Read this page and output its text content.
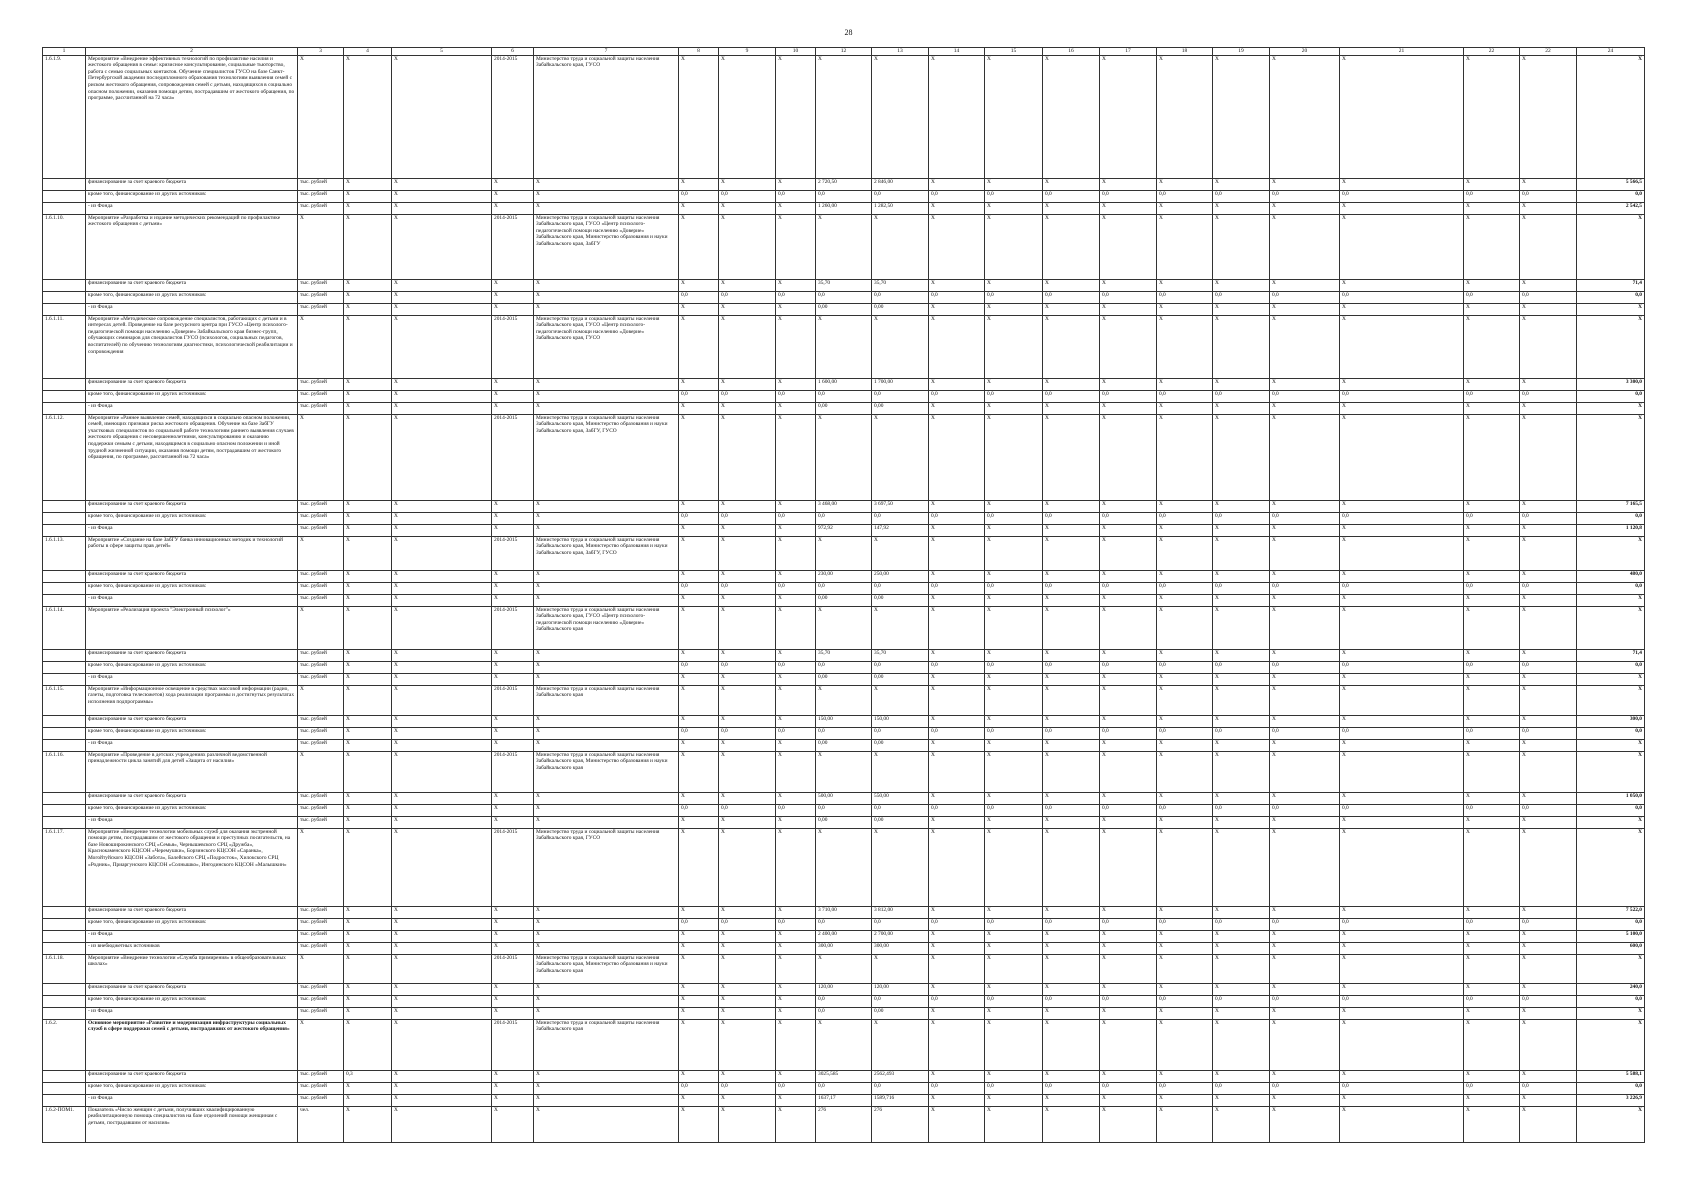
28
1	2	3	4	5	6	7	8	9	10	12	13	14	15	16	17	18	19	20	21	22	22	24
1.6.1.9.	Мероприятие «Внедрение эффективных технологий по профилактике насилия и жестокого обращения в семье: кризисное консультирование, социальные тьюторство, работа с семью социальных контактов. Обучение специалистов ГУСО на базе Санкт-Петербургской академии последипломного образования технологиям выявления семей с риском жестокого обращения, сопровождения семей с детьми, находящихся в социально опасном положении, оказания помощи детям, пострадавшим от жестокого обращения, по программе, рассчитанной на 72 часа»	X	X	X	2014-2015	Министерство труда и социальной защиты населения Забайкальского края, ГУСО	X	X	X	X	X	X	X	X	X	X	X	X	X	X	X	X
	финансирование за счет краевого бюджета	тыс. рублей	X	X	X	X	X	X	X	2 720,50	2 846,00	X	X	X	X	X	X	X	X	X	X	5 566,5
	кроме того, финансирование из других источников:	тыс. рублей	X	X	X	X	0,0	0,0	0,0	0,0	0,0	0,0	0,0	0,0	0,0	0,0	0,0	0,0	0,0	0,0	0,0	0,0
	- из Фонда	тыс. рублей	X	X	X	X	X	X	X	1 260,00	1 282,50	X	X	X	X	X	X	X	X	X	X	2 542,5
1.6.1.10.	Мероприятие «Разработка и издание методических рекомендаций по профилактике жестокого обращения с детьми»	X	X	X	2014-2015	Министерство труда и социальной защиты населения Забайкальского края, ГУСО «Центр психолого-педагогической помощи населению «Доверие» Забайкальского края, Министерство образования и науки Забайкальского края, ЗабГУ	X	X	X	X	X	X	X	X	X	X	X	X	X	X	X	X
	финансирование за счет краевого бюджета	тыс. рублей	X	X	X	X	X	X	X	35,70	35,70	X	X	X	X	X	X	X	X	X	X	71,4
	кроме того, финансирование из других источников:	тыс. рублей	X	X	X	X	0,0	0,0	0,0	0,0	0,0	0,0	0,0	0,0	0,0	0,0	0,0	0,0	0,0	0,0	0,0	0,0
	- из Фонда	тыс. рублей	X	X	X	X	X	X	X	0,00	0,00	X	X	X	X	X	X	X	X	X	X	X
1.6.1.11.	Мероприятие «Методическое сопровождение специалистов, работающих с детьми и в интересах детей. Проведение на базе ресурсного центра при ГУСО «Центр психолого-педагогической помощи населению «Доверие» Забайкальского края бизнес-групп, обучающих семинаров для специалистов ГУСО (психологов, социальных педагогов, воспитателей) по обучению технологиям диагностики, психологической реабилитации и сопровождения	X	X	X	2014-2015	Министерство труда и социальной защиты населения Забайкальского края, ГУСО «Центр психолого-педагогической помощи населению «Доверие» Забайкальского края, ГУСО	X	X	X	X	X	X	X	X	X	X	X	X	X	X	X	X
	финансирование за счет краевого бюджета	тыс. рублей	X	X	X	X	X	X	X	1 600,00	1 700,00	X	X	X	X	X	X	X	X	X	X	3 300,0
	кроме того, финансирование из других источников:	тыс. рублей	X	X	X	X	0,0	0,0	0,0	0,0	0,0	0,0	0,0	0,0	0,0	0,0	0,0	0,0	0,0	0,0	0,0	0,0
	- из Фонда	тыс. рублей	X	X	X	X	X	X	X	0,00	0,00	X	X	X	X	X	X	X	X	X	X	X
1.6.1.12.	Мероприятие «Раннее выявление семей, находящихся в социально опасном положении, семей, имеющих признаки риска жестокого обращения. Обучение на базе ЗабГУ участковых специалистов по социальной работе технологиям раннего выявления случаев жестокого обращения с несовершеннолетними, консультированию и оказанию поддержки семьям с детьми, находящимся в социально опасном положении и иной трудной жизненной ситуации, оказания помощи детям, пострадавшим от жестокого обращения, по программе, рассчитанной на 72 часа»	X	X	X	2014-2015	Министерство труда и социальной защиты населения Забайкальского края, Министерство образования и науки Забайкальского края, ЗабГУ, ГУСО	X	X	X	X	X	X	X	X	X	X	X	X	X	X	X	X
	финансирование за счет краевого бюджета	тыс. рублей	X	X	X	X	X	X	X	3 468,00	3 697,50	X	X	X	X	X	X	X	X	X	X	7 165,5
	кроме того, финансирование из других источников:	тыс. рублей	X	X	X	X	0,0	0,0	0,0	0,0	0,0	0,0	0,0	0,0	0,0	0,0	0,0	0,0	0,0	0,0	0,0	0,0
	- из Фонда	тыс. рублей	X	X	X	X	X	X	X	972,92	147,92	X	X	X	X	X	X	X	X	X	X	1 120,8
1.6.1.13.	Мероприятие «Создание на базе ЗабГУ банка инновационных методик и технологий работы в сфере защиты прав детей»	X	X	X	2014-2015	Министерство труда и социальной защиты населения Забайкальского края, Министерство образования и науки Забайкальского края, ЗабГУ, ГУСО	X	X	X	X	X	X	X	X	X	X	X	X	X	X	X	X
	финансирование за счет краевого бюджета	тыс. рублей	X	X	X	X	X	X	X	230,00	250,00	X	X	X	X	X	X	X	X	X	X	480,0
	кроме того, финансирование из других источников:	тыс. рублей	X	X	X	X	0,0	0,0	0,0	0,0	0,0	0,0	0,0	0,0	0,0	0,0	0,0	0,0	0,0	0,0	0,0	0,0
	- из Фонда	тыс. рублей	X	X	X	X	X	X	X	0,00	0,00	X	X	X	X	X	X	X	X	X	X	X
1.6.1.14.	Мероприятие «Реализация проекта "Электронный психолог"»	X	X	X	2014-2015	Министерство труда и социальной защиты населения Забайкальского края, ГУСО «Центр психолого-педагогической помощи населению «Доверие» Забайкальского края	X	X	X	X	X	X	X	X	X	X	X	X	X	X	X	X
	финансирование за счет краевого бюджета	тыс. рублей	X	X	X	X	X	X	X	35,70	35,70	X	X	X	X	X	X	X	X	X	X	71,4
	кроме того, финансирование из других источников:	тыс. рублей	X	X	X	X	0,0	0,0	0,0	0,0	0,0	0,0	0,0	0,0	0,0	0,0	0,0	0,0	0,0	0,0	0,0	0,0
	- из Фонда	тыс. рублей	X	X	X	X	X	X	X	0,00	0,00	X	X	X	X	X	X	X	X	X	X	X
1.6.1.15.	Мероприятие «Информационное освещение в средствах массовой информации (радио, газеты, подготовка телесюжетов) хода реализации программы и достигнутых результатах исполнения подпрограммы»	X	X	X	2014-2015	Министерство труда и социальной защиты населения Забайкальского края	X	X	X	X	X	X	X	X	X	X	X	X	X	X	X	X
	финансирование за счет краевого бюджета	тыс. рублей	X	X	X	X	X	X	X	150,00	150,00	X	X	X	X	X	X	X	X	X	X	300,0
	кроме того, финансирование из других источников:	тыс. рублей	X	X	X	X	0,0	0,0	0,0	0,0	0,0	0,0	0,0	0,0	0,0	0,0	0,0	0,0	0,0	0,0	0,0	0,0
	- из Фонда	тыс. рублей	X	X	X	X	X	X	X	0,00	0,00	X	X	X	X	X	X	X	X	X	X	X
1.6.1.16.	Мероприятие «Проведение в детских учреждениях различной ведомственной принадлежности цикла занятий для детей «Защита от насилия»	X	X	X	2014-2015	Министерство труда и социальной защиты населения Забайкальского края, Министерство образования и науки Забайкальского края	X	X	X	X	X	X	X	X	X	X	X	X	X	X	X	X
	финансирование за счет краевого бюджета	тыс. рублей	X	X	X	X	X	X	X	500,00	550,00	X	X	X	X	X	X	X	X	X	X	1 050,0
	кроме того, финансирование из других источников:	тыс. рублей	X	X	X	X	0,0	0,0	0,0	0,0	0,0	0,0	0,0	0,0	0,0	0,0	0,0	0,0	0,0	0,0	0,0	0,0
	- из Фонда	тыс. рублей	X	X	X	X	X	X	X	0,00	0,00	X	X	X	X	X	X	X	X	X	X	X
1.6.1.17.	Мероприятие «Внедрение технологии мобильных служб для оказания экстренной помощи детям, пострадавшим от жестокого обращения и преступных посягательств, на базе Новоширокинского СРЦ «Семья», Чернышевского СРЦ «Дружба», Краснокаменского КЦСОН «Черемушки», Борзинского КЦСОН «Саранка», Могойтуйского КЦСОН «Забота», Балейского СРЦ «Подросток», Хилокского СРЦ «Родник», Приаргунского КЦСОН «Солнышко», Ингодинского КЦСОН «Малышкин»	X	X	X	2014-2015	Министерство труда и социальной защиты населения Забайкальского края, ГУСО	X	X	X	X	X	X	X	X	X	X	X	X	X	X	X	X
	финансирование за счет краевого бюджета	тыс. рублей	X	X	X	X	X	X	X	3 710,00	3 812,00	X	X	X	X	X	X	X	X	X	X	7 522,0
	кроме того, финансирование из других источников:	тыс. рублей	X	X	X	X	0,0	0,0	0,0	0,0	0,0	0,0	0,0	0,0	0,0	0,0	0,0	0,0	0,0	0,0	0,0	0,0
	- из Фонда	тыс. рублей	X	X	X	X	X	X	X	2 400,00	2 700,00	X	X	X	X	X	X	X	X	X	X	5 100,0
	- из внебюджетных источников	тыс. рублей	X	X	X	X	X	X	X	300,00	300,00	X	X	X	X	X	X	X	X	X	X	600,0
1.6.1.18.	Мероприятие «Внедрение технологии «Служба примирения» в общеобразовательных школах»	X	X	X	2014-2015	Министерство труда и социальной защиты населения Забайкальского края, Министерство образования и науки Забайкальского края	X	X	X	X	X	X	X	X	X	X	X	X	X	X	X	X
	финансирование за счет краевого бюджета	тыс. рублей	X	X	X	X	X	X	X	120,00	120,00	X	X	X	X	X	X	X	X	X	X	240,0
	кроме того, финансирование из других источников:	тыс. рублей	X	X	X	X	X	X	X	0,0	0,0	0,0	0,0	0,0	0,0	0,0	0,0	0,0	0,0	0,0	0,0	0,0
	- из Фонда	тыс. рублей	X	X	X	X	X	X	X	0,0	0,00	X	X	X	X	X	X	X	X	X	X	X
1.6.2.	Основное мероприятие «Развитие и модернизация инфраструктуры социальных служб в сфере поддержки семей с детьми, пострадавших от жестокого обращения»	X	X	X	2014-2015	Министерство труда и социальной защиты населения Забайкальского края	X	X	X	X	X	X	X	X	X	X	X	X	X	X	X	X
	финансирование за счет краевого бюджета	тыс. рублей	0,3	X	X	X	X	X	X	3025,585	2562,493	X	X	X	X	X	X	X	X	X	X	5 588,1
	кроме того, финансирование из других источников:	тыс. рублей	X	X	X	X	0,0	0,0	0,0	0,0	0,0	0,0	0,0	0,0	0,0	0,0	0,0	0,0	0,0	0,0	0,0	0,0
	- из Фонда	тыс. рублей	X	X	X	X	X	X	X	1637,17	1589,716	X	X	X	X	X	X	X	X	X	X	3 226,9
1.6.2-ПОМ1.	Показатель «Число женщин с детьми, получивших квалифицированную реабилитационную помощь специалистов на базе отделений помощи женщинам с детьми, пострадавшим от насилия»	чел.	X	X	X	X	X	X	X	276	276	X	X	X	X	X	X	X	X	X	X	X
